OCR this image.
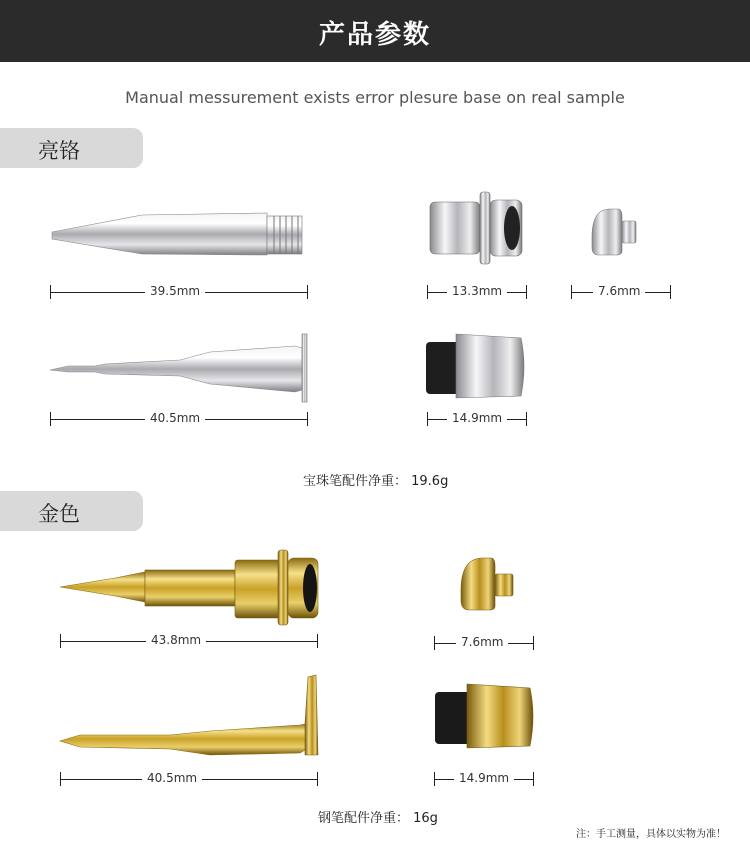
产品参数
Manual messurement exists error plesure base on real sample
亮铬
39.5mm	13.3mm	7.6mm
40.5mm	14.9mm
宝珠笔配件净重： 19.6g
金色
43.8mm	7.6mm
40.5mm	14.9mm
钢笔配件净重： 16g
注：手工测量，具体以实物为准！
